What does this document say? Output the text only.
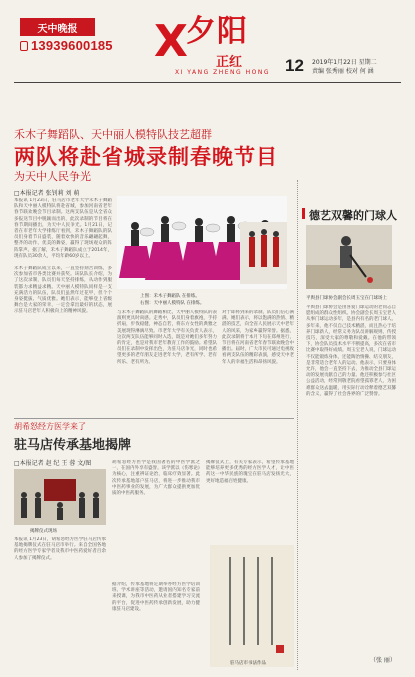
天中晚报
13939600185 X
夕阳
正红
XI YANG ZHENG HONG 12 2019年1月22日 星期二
责编 张秀丽 校对 何 涵
禾木子舞蹈队、天中丽人模特队技艺超群
两队将赴省城录制春晚节目
为天中人民争光
□本报记者 张钊莉 刘 萌
本报讯 1月23日，驻马店市老年大学禾木子舞蹈队和天中丽人模特队将赴省城，参加河南省老年春节联欢晚会节目录制。这两支队伍是从全省众多报送节目中脱颖而出的，此次录制的节目将在春节期间播出，为天中人民争光。1月21日，记者在市老年大学排练厅看到，禾木子舞蹈队的队员们身着节日盛装，随着欢快的音乐翩翩起舞，整齐的动作、优美的舞姿，赢得了现场观众的阵阵掌声。据了解，禾木子舞蹈队成立于2014年，现有队员30余人，平均年龄60岁以上。
禾木子舞蹈队成立以来，一直坚持刻苦训练，多次参加省市各类比赛并获奖。该队队长介绍，为了这次录制，队员们每天坚持排练，从动作到服装都力求精益求精。天中丽人模特队同样是一支充满活力的队伍，队员们虽然年过花甲，但个个身姿挺拔、气质优雅。她们表示，能够登上省级舞台是大家的荣幸，一定会拿出最好的状态，展示驻马店老年人积极向上的精神风貌。
上图：禾木子舞蹈队 在排练。
右图：天中丽人模特队 在排练。
与禾木子舞蹈队的舞蹈相比，天中丽人模特队的表演则更具时尚感。走秀中，队员们身着旗袍，手持折扇，步伐稳健，神态自若，将东方女性的典雅之美展现得淋漓尽致。市老年大学有关负责人表示，这次两支队伍能够同时入选，既是对她们多年努力的肯定，也是对我市老年教育工作的鼓励。希望队员们在录制中发挥出色，为驻马店争光，同时也希望更多的老年朋友走进老年大学，老有所学、老有所乐、老有所为。
对于即将到来的录制，队员们信心满满。她们表示，将以饱满的热情、精湛的技艺，向全省人民展示天中老年人的风采，为家乡赢得荣誉。据悉，此次录制将于本月下旬在郑州进行，节目将在河南省老年春节联欢晚会中播出。届时，广大市民可通过电视收看两支队伍的精彩表演，感受天中老年人的幸福生活和昂扬风貌。
德艺双馨的门球人
平舆县门球协会副会长周玉宝在门球场上
平舆县门球协会是由喜爱门球运动的老同志自愿组成的群众性组织。协会副会长周玉宝老人从事门球运动多年，是县内有名的老门球人。多年来，他不仅自己技术精湛，而且热心于培养门球新人，经常义务为队员讲解规则、传授技巧，深受大家的尊敬和爱戴。在他的带领下，协会队员技术水平不断提高，多次在省市比赛中取得好成绩。周玉宝老人说，门球运动不仅能锻炼身体，还能陶冶情操、结交朋友，是非常适合老年人的运动。他表示，只要身体允许，他会一直坚持下去，为推动全县门球运动的发展贡献自己的力量。他还积极参与社区公益活动，经常到敬老院看望孤寡老人，为困难群众送去温暖，用实际行动诠释着德艺双馨的含义，赢得了社会各界的广泛赞誉。
（张 丽）
胡希怒经方医学来了
驻马店传承基地揭牌
□本报记者 赵 纪 王 蓉 文/图
揭牌仪式现场
本报讯 1月23日，胡希怒经方医学驻马店传承基地揭牌仪式在驻马店市举行。来自全国各地的经方医学专家学者及我市中医药爱好者百余人参加了揭牌仪式。
胡希怒经方医学是我国著名的中医学派之一，在国内外享有盛誉。该学派以《伤寒论》为核心，注重辨证论治，临床疗效显著。此次传承基地落户驻马店，将进一步推动我市中医药事业的发展，为广大群众提供更加优质的中医药服务。
揭牌仪式上，有关专家表示，希望传承基地能够培养更多优秀的经方医学人才，让中医药这一中华民族的瑰宝在驻马店发扬光大，更好地造福百姓健康。
据介绍，传承基地将定期举办经方医学培训班、学术讲座等活动，邀请国内知名专家前来授课，为我市中医药从业者搭建学习交流的平台，促进中医药传承创新发展，助力健康驻马店建设。
驻马店市书法作品
